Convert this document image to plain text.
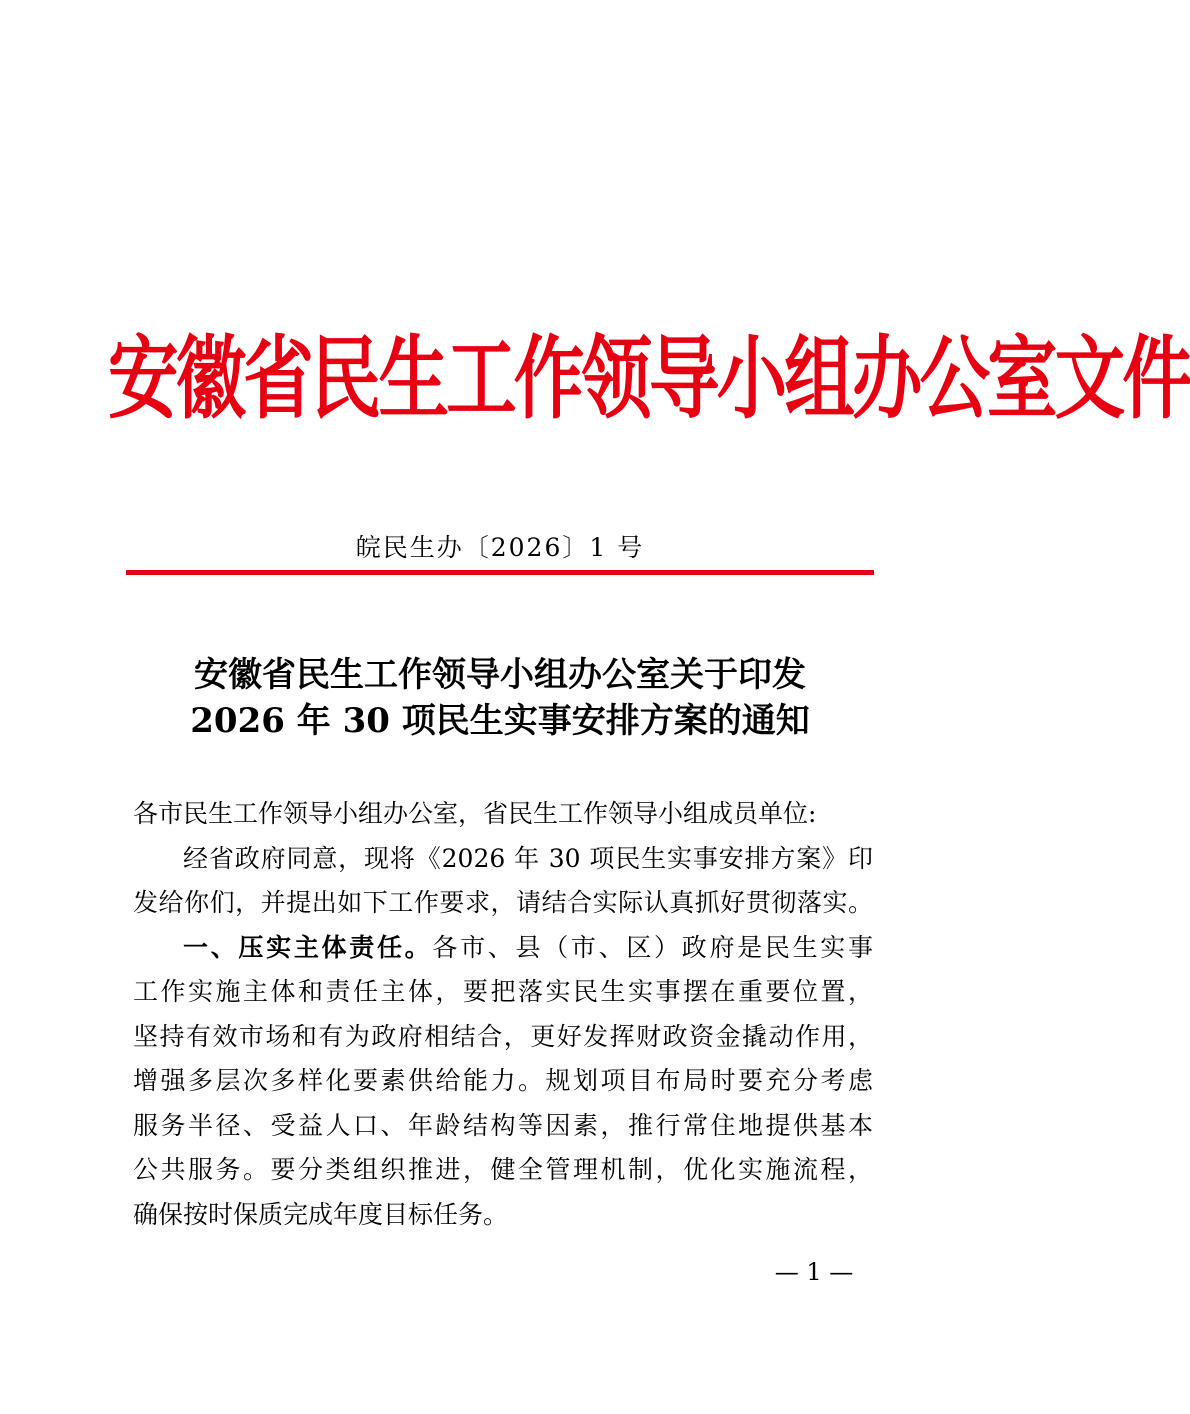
安徽省民生工作领导小组办公室文件
皖民生办〔2026〕1 号
安徽省民生工作领导小组办公室关于印发
2026 年 30 项民生实事安排方案的通知
各市民生工作领导小组办公室，省民生工作领导小组成员单位:
经省政府同意，现将《2026 年 30 项民生实事安排方案》印
发给你们，并提出如下工作要求，请结合实际认真抓好贯彻落实。
一、压实主体责任。各市、县（市、区）政府是民生实事
工作实施主体和责任主体，要把落实民生实事摆在重要位置，
坚持有效市场和有为政府相结合，更好发挥财政资金撬动作用，
增强多层次多样化要素供给能力。规划项目布局时要充分考虑
服务半径、受益人口、年龄结构等因素，推行常住地提供基本
公共服务。要分类组织推进，健全管理机制，优化实施流程，
确保按时保质完成年度目标任务。
— 1 —
